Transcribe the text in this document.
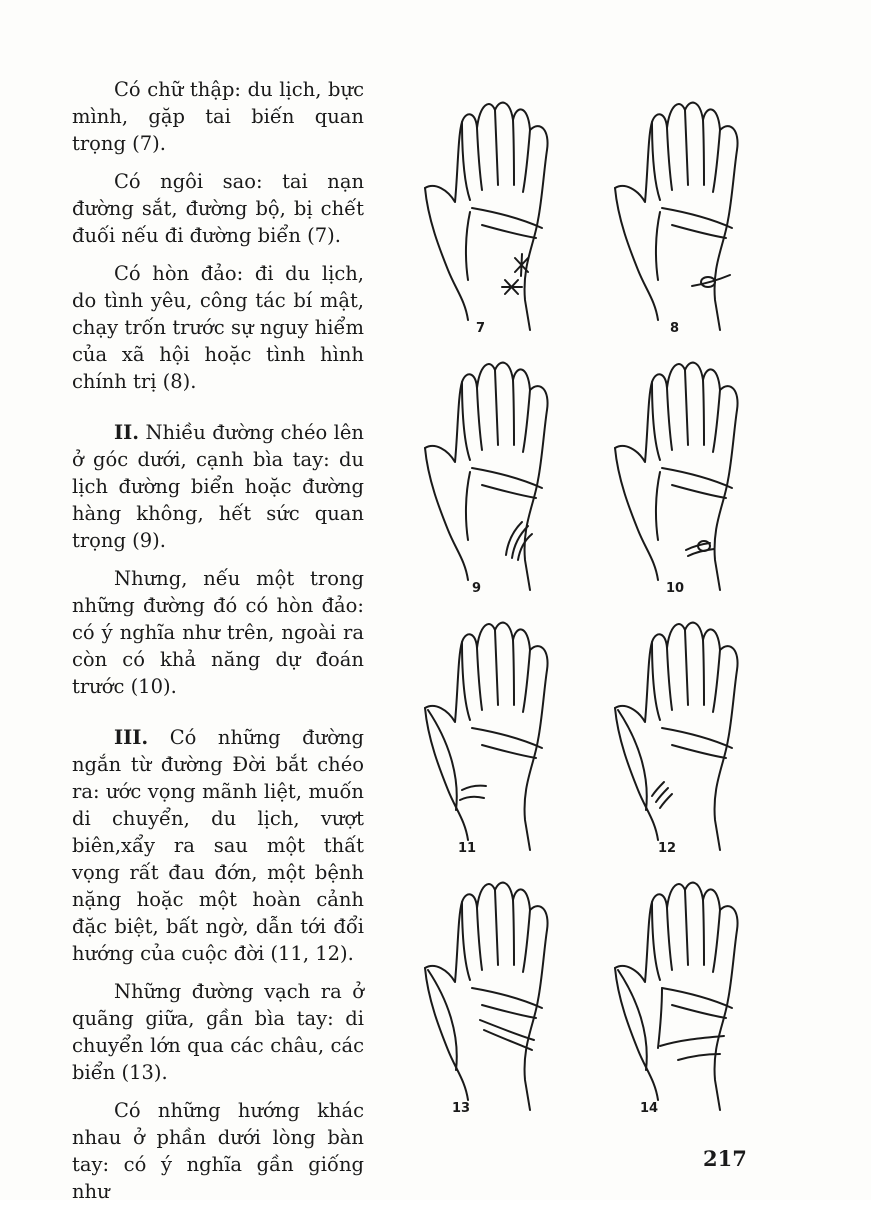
Có chữ thập: du lịch, bực mình, gặp tai biến quan trọng (7).

Có ngôi sao: tai nạn đường sắt, đường bộ, bị chết đuối nếu đi đường biển (7).

Có hòn đảo: đi du lịch, do tình yêu, công tác bí mật, chạy trốn trước sự nguy hiểm của xã hội hoặc tình hình chính trị (8).

II. Nhiều đường chéo lên ở góc dưới, cạnh bìa tay: du lịch đường biển hoặc đường hàng không, hết sức quan trọng (9).

Nhưng, nếu một trong những đường đó có hòn đảo: có ý nghĩa như trên, ngoài ra còn có khả năng dự đoán trước (10).

III. Có những đường ngắn từ đường Đời bắt chéo ra: ước vọng mãnh liệt, muốn di chuyển, du lịch, vượt biên,xẩy ra sau một thất vọng rất đau đớn, một bệnh nặng hoặc một hoàn cảnh đặc biệt, bất ngờ, dẫn tới đổi hướng của cuộc đời (11, 12).

Những đường vạch ra ở quãng giữa, gần bìa tay: di chuyển lớn qua các châu, các biển (13).

Có những hướng khác nhau ở phần dưới lòng bàn tay: có ý nghĩa gần giống như

7	8
9	10
11	12
13	14
217
